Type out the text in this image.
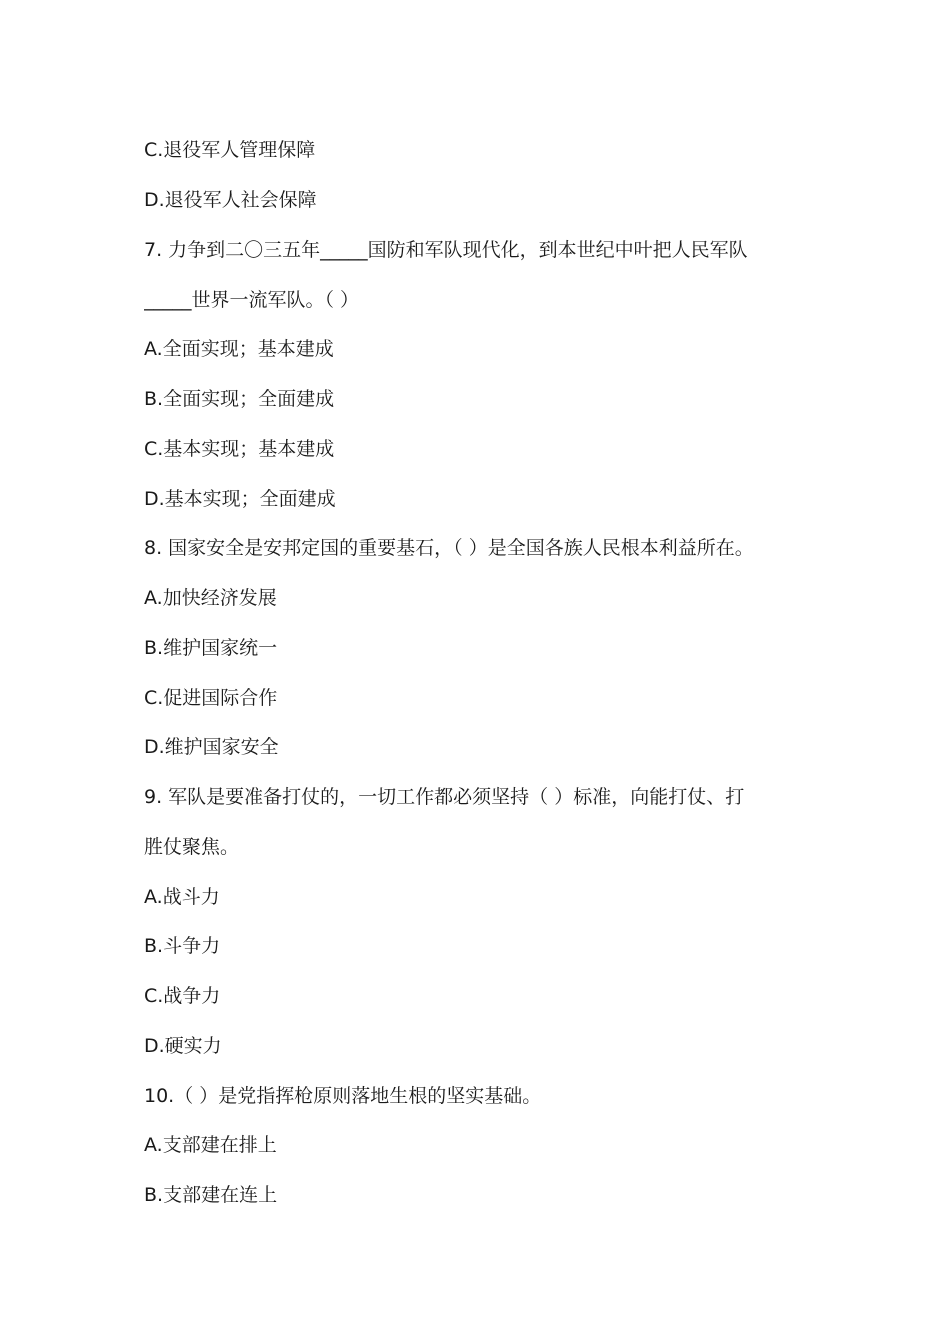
C.退役军人管理保障
D.退役军人社会保障
7. 力争到二〇三五年_____国防和军队现代化，到本世纪中叶把人民军队
_____世界一流军队。（ ）
A.全面实现；基本建成
B.全面实现；全面建成
C.基本实现；基本建成
D.基本实现；全面建成
8. 国家安全是安邦定国的重要基石，（ ）是全国各族人民根本利益所在。
A.加快经济发展
B.维护国家统一
C.促进国际合作
D.维护国家安全
9. 军队是要准备打仗的，一切工作都必须坚持（ ）标准，向能打仗、打
胜仗聚焦。
A.战斗力
B.斗争力
C.战争力
D.硬实力
10.（ ）是党指挥枪原则落地生根的坚实基础。
A.支部建在排上
B.支部建在连上
